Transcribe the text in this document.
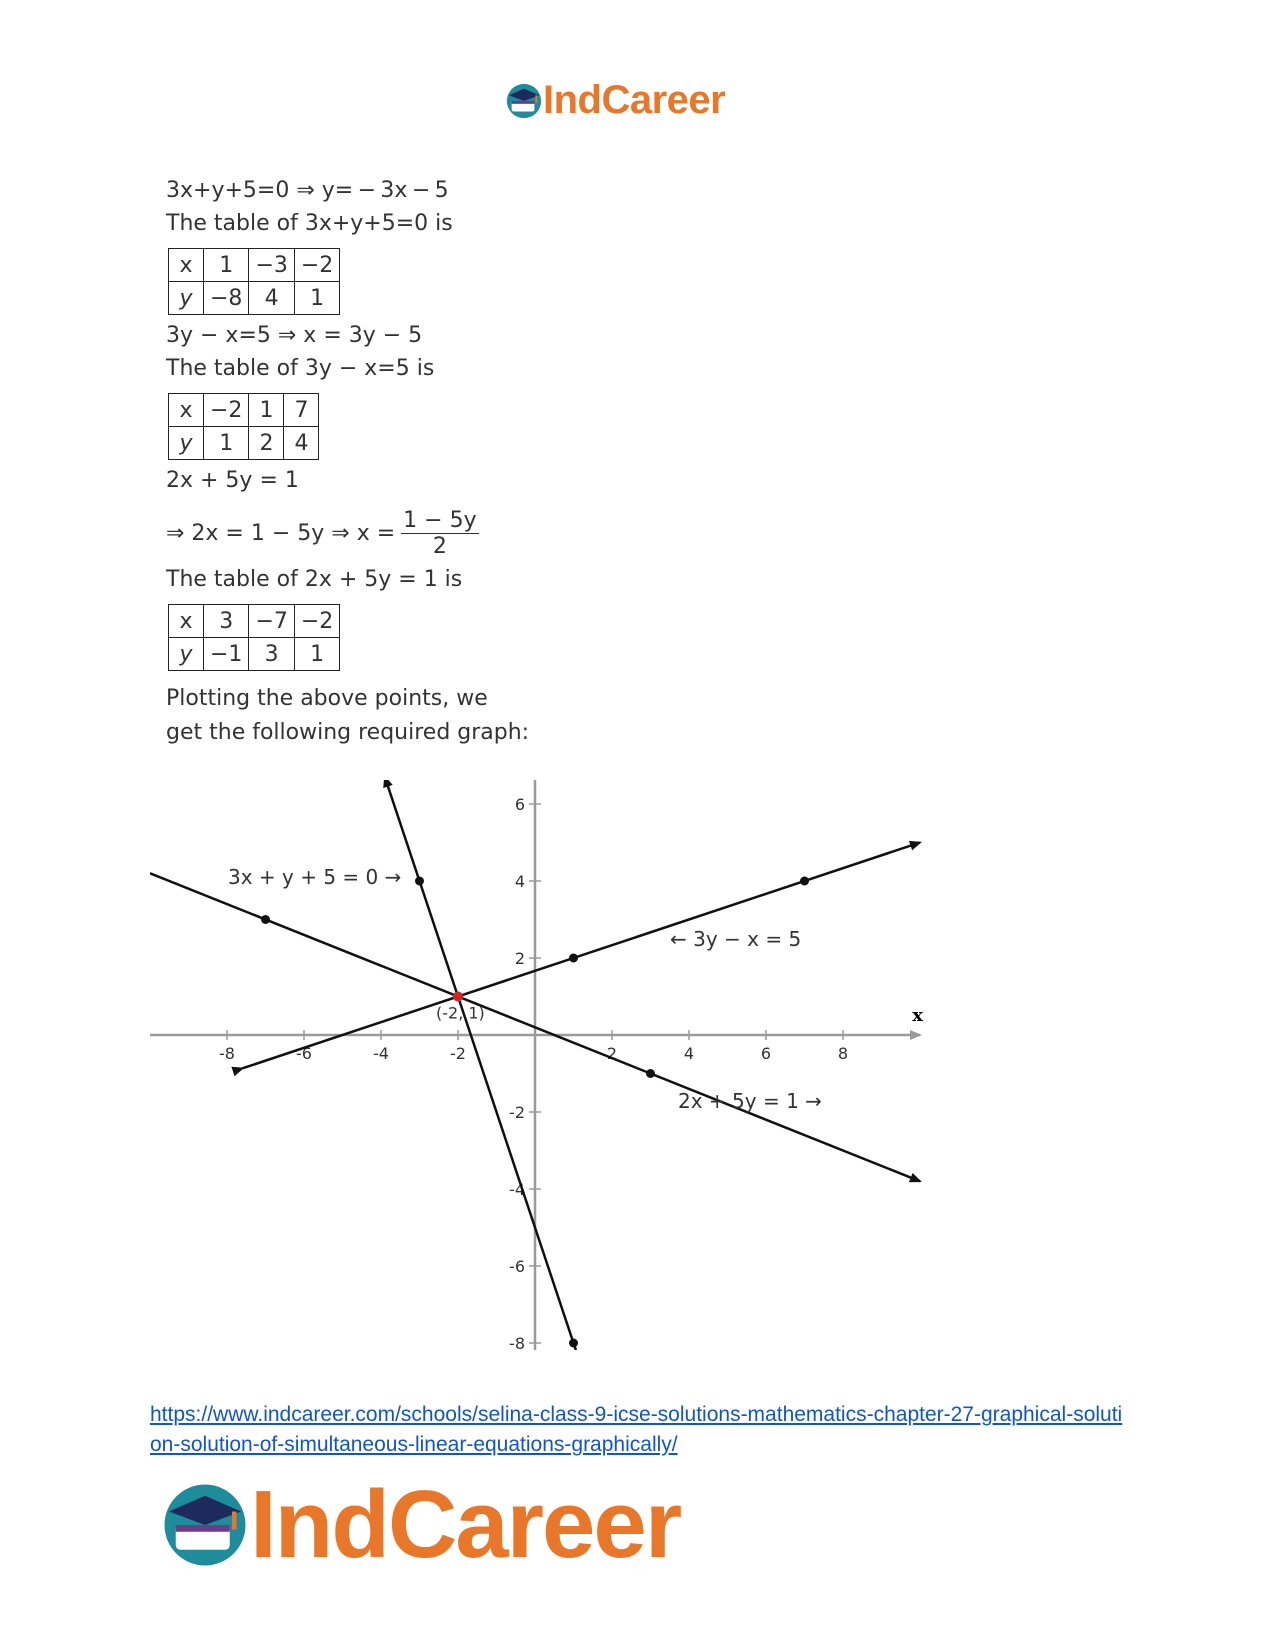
IndCareer
3x+y+5=0 ⇒ y= − 3x − 5
The table of 3x+y+5=0 is
x	1	−3	−2
y	−8	4	1
3y − x=5 ⇒ x = 3y − 5
The table of 3y − x=5 is
x	−2	1	7
y	1	2	4
2x + 5y = 1
⇒ 2x = 1 − 5y ⇒ $x = \frac{1 - 5y}{2}$
The table of 2x + 5y = 1 is
x	3	−7	−2
y	−1	3	1
Plotting the above points, we
get the following required graph:
x
-8	-6	-4	-2	2	4	6	8
6
4
2
-2
-4
-6
-8
(-2, 1)
3x + y + 5 = 0 →
← 3y − x = 5
2x + 5y = 1 →
https://www.indcareer.com/schools/selina-class-9-icse-solutions-mathematics-chapter-27-graphical-solution-solution-of-simultaneous-linear-equations-graphically/
IndCareer
